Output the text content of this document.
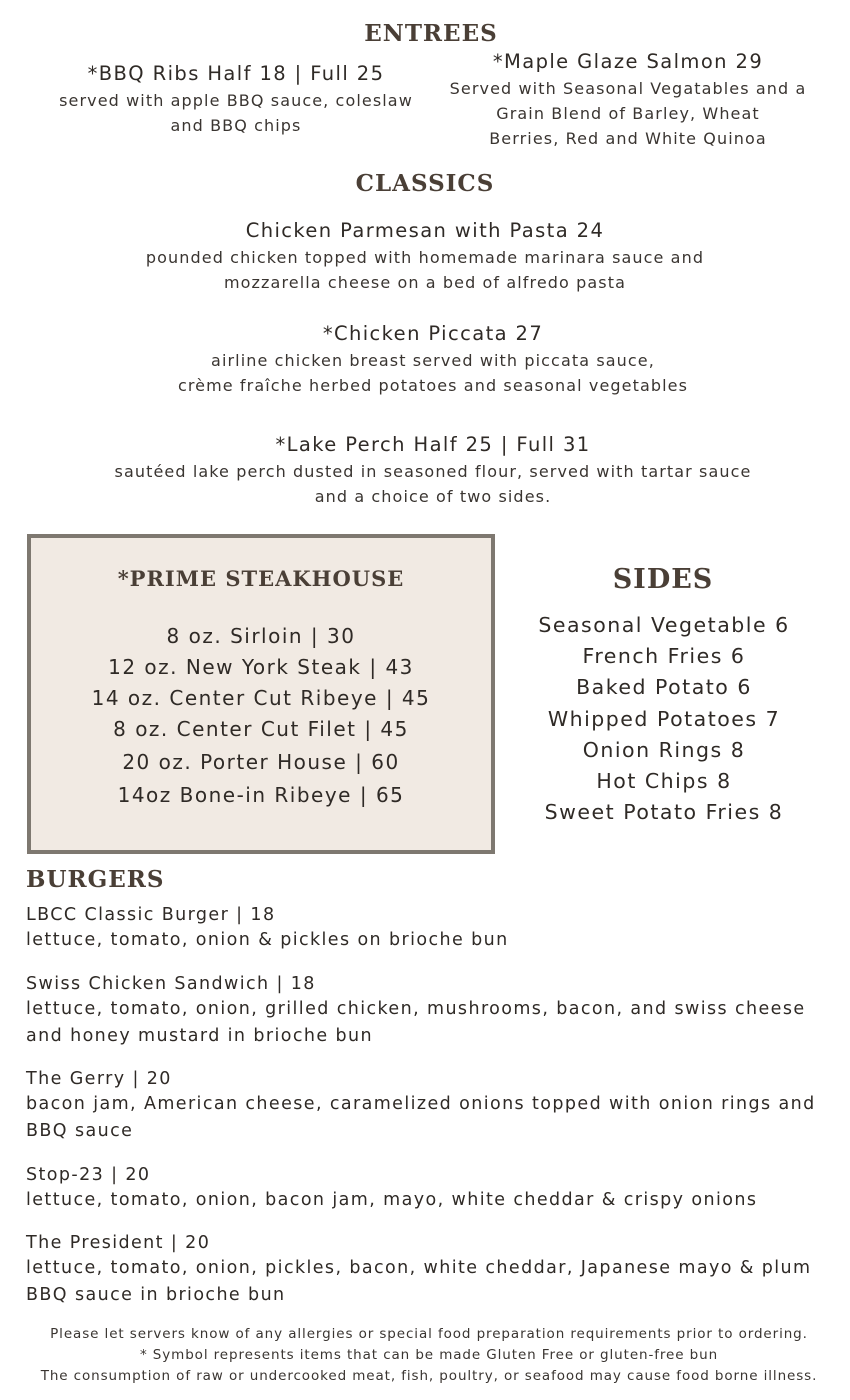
ENTREES
*BBQ Ribs Half 18 | Full 25
served with apple BBQ sauce, coleslaw
and BBQ chips
*Maple Glaze Salmon 29
Served with Seasonal Vegatables and a
Grain Blend of Barley, Wheat
Berries, Red and White Quinoa
CLASSICS
Chicken Parmesan with Pasta 24
pounded chicken topped with homemade marinara sauce and
mozzarella cheese on a bed of alfredo pasta
*Chicken Piccata 27
airline chicken breast served with piccata sauce,
crème fraîche herbed potatoes and seasonal vegetables
*Lake Perch Half 25 | Full 31
sautéed lake perch dusted in seasoned flour, served with tartar sauce
and a choice of two sides.
*PRIME STEAKHOUSE
8 oz. Sirloin | 30
12 oz. New York Steak | 43
14 oz. Center Cut Ribeye | 45
8 oz. Center Cut Filet | 45
20 oz. Porter House | 60
14oz Bone-in Ribeye | 65
SIDES
Seasonal Vegetable 6
French Fries 6
Baked Potato 6
Whipped Potatoes 7
Onion Rings 8
Hot Chips 8
Sweet Potato Fries 8
BURGERS
LBCC Classic Burger | 18
lettuce, tomato, onion & pickles on brioche bun
Swiss Chicken Sandwich | 18
lettuce, tomato, onion, grilled chicken, mushrooms, bacon, and swiss cheese
and honey mustard in brioche bun
The Gerry | 20
bacon jam, American cheese, caramelized onions topped with onion rings and
BBQ sauce
Stop-23 | 20
lettuce, tomato, onion, bacon jam, mayo, white cheddar & crispy onions
The President | 20
lettuce, tomato, onion, pickles, bacon, white cheddar, Japanese mayo & plum
BBQ sauce in brioche bun
Please let servers know of any allergies or special food preparation requirements prior to ordering.
* Symbol represents items that can be made Gluten Free or gluten-free bun
The consumption of raw or undercooked meat, fish, poultry, or seafood may cause food borne illness.
